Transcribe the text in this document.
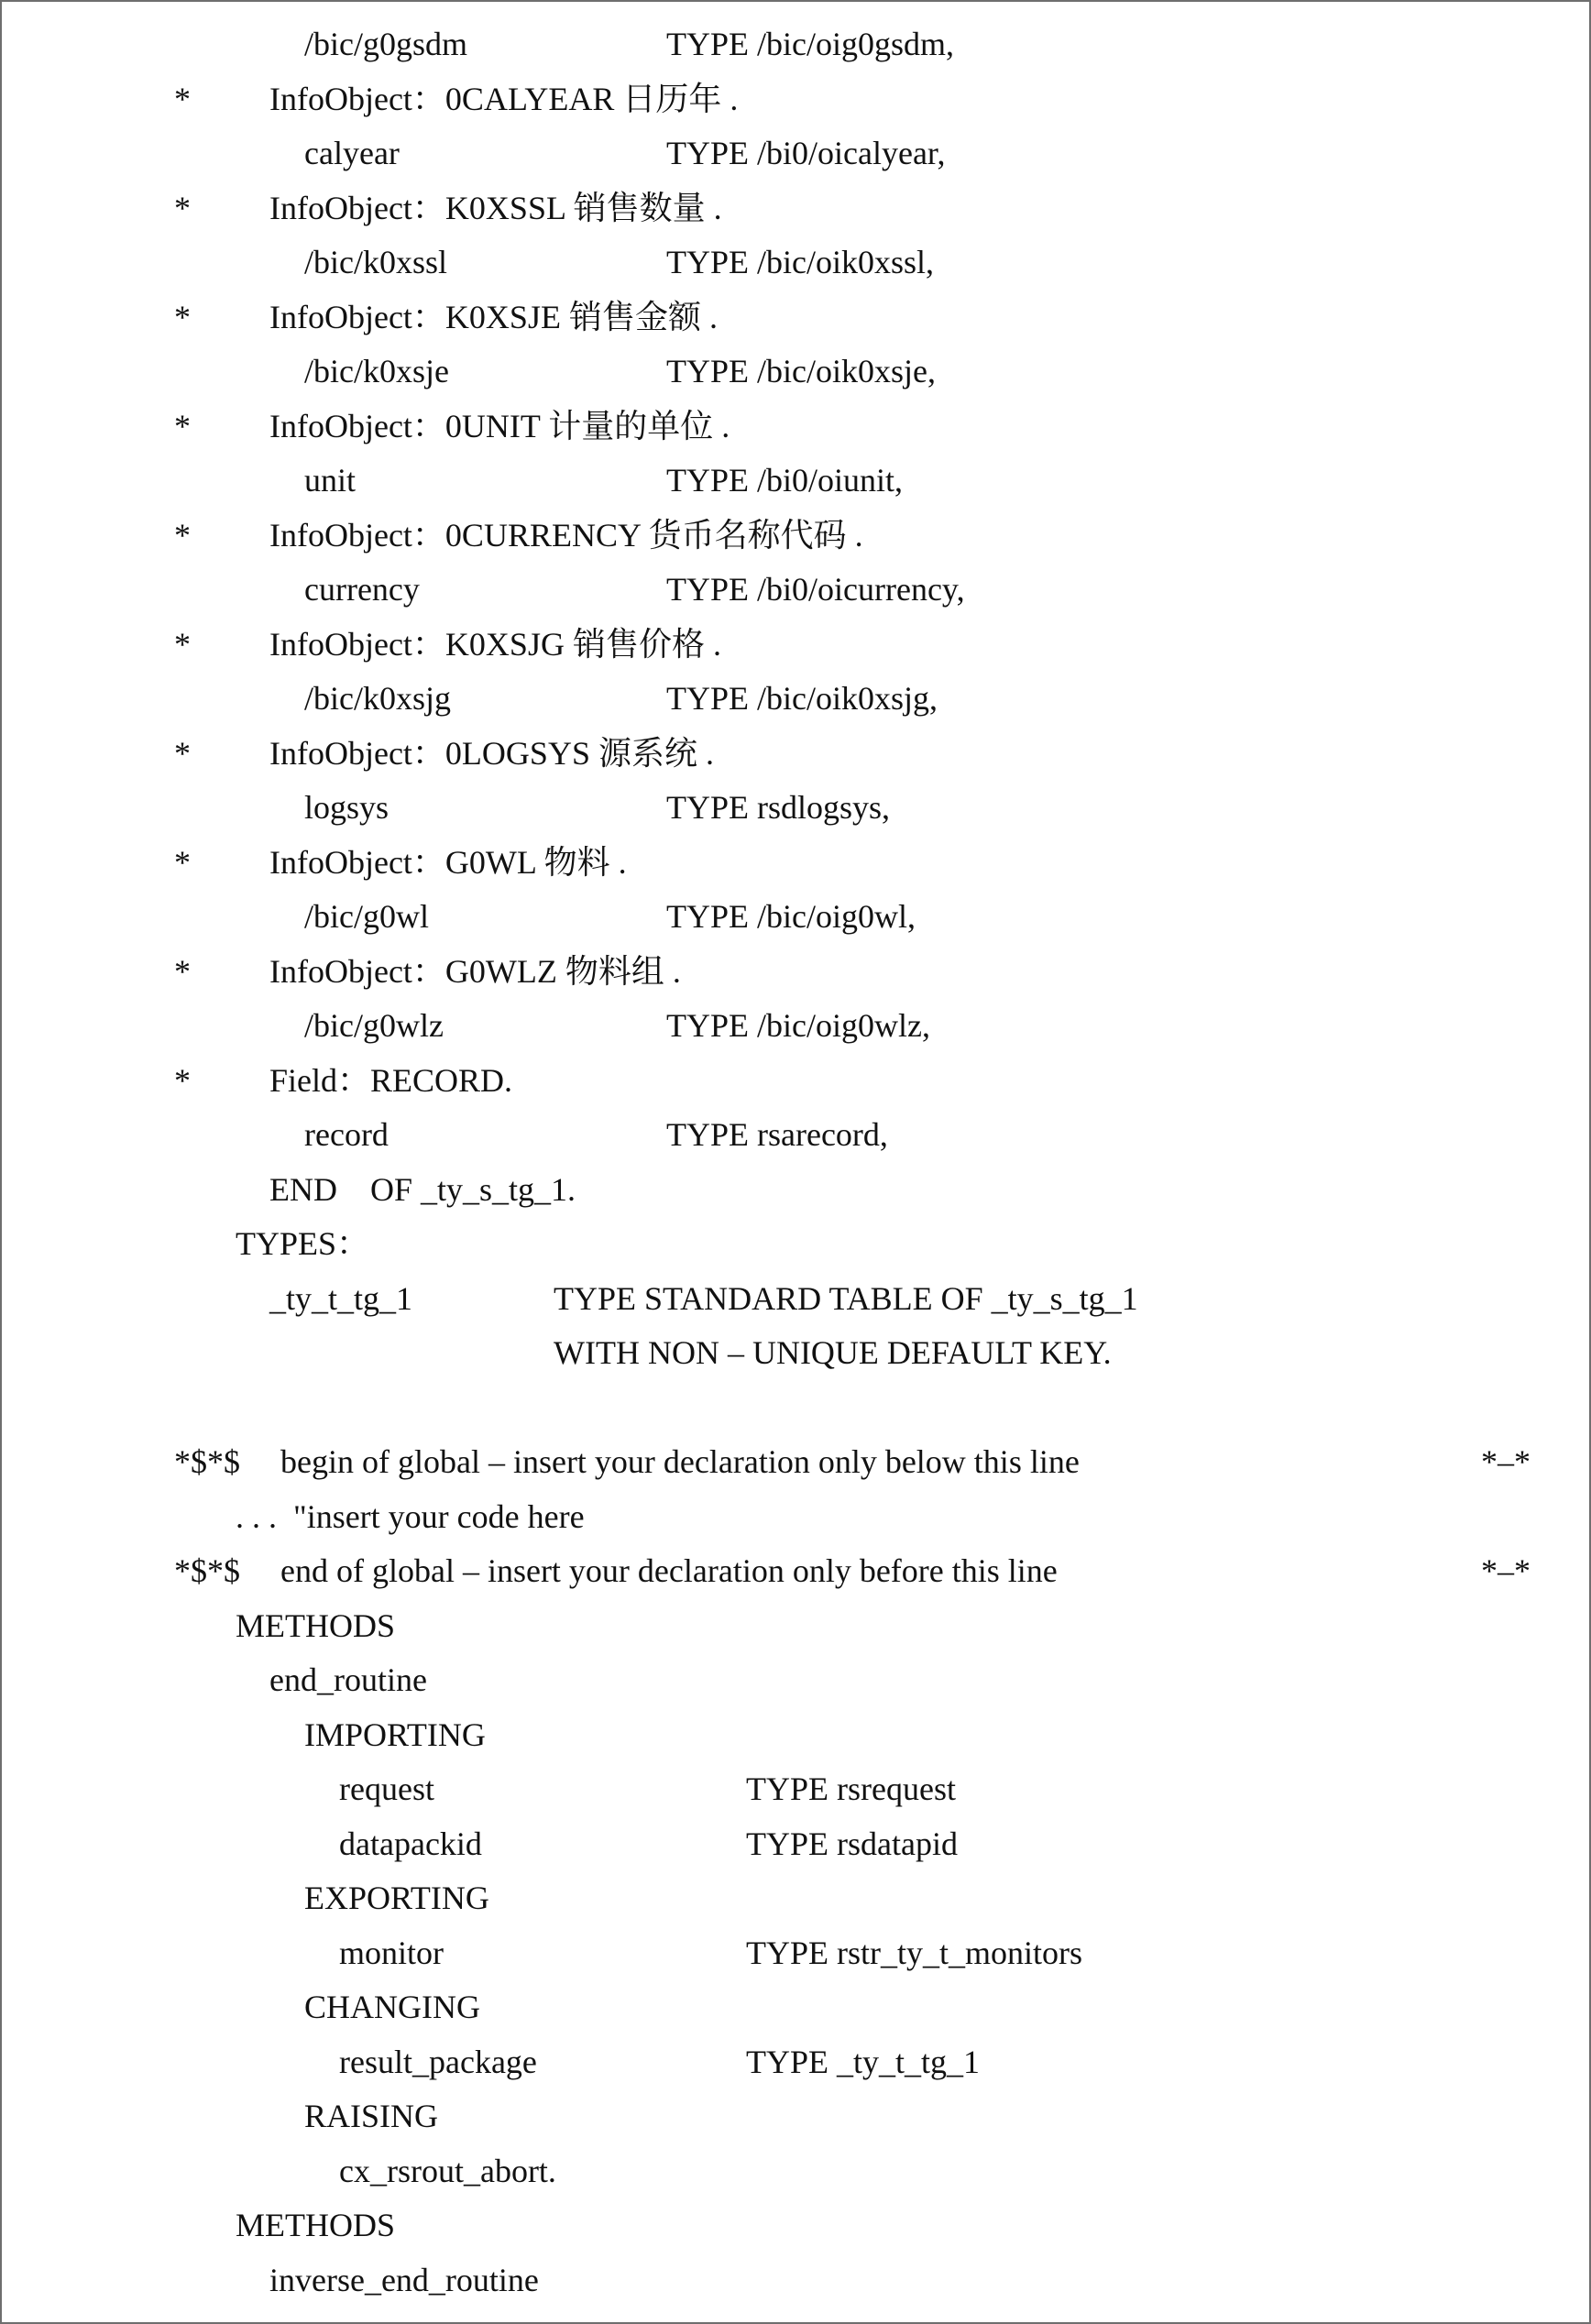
/bic/g0gsdm	TYPE /bic/oig0gsdm,
* InfoObject：0CALYEAR 日历年 .
calyear	TYPE /bi0/oicalyear,
* InfoObject：K0XSSL 销售数量 .
/bic/k0xssl	TYPE /bic/oik0xssl,
* InfoObject：K0XSJE 销售金额 .
/bic/k0xsje	TYPE /bic/oik0xsje,
* InfoObject：0UNIT 计量的单位 .
unit	TYPE /bi0/oiunit,
* InfoObject：0CURRENCY 货币名称代码 .
currency	TYPE /bi0/oicurrency,
* InfoObject：K0XSJG 销售价格 .
/bic/k0xsjg	TYPE /bic/oik0xsjg,
* InfoObject：0LOGSYS 源系统 .
logsys	TYPE rsdlogsys,
* InfoObject：G0WL 物料 .
/bic/g0wl	TYPE /bic/oig0wl,
* InfoObject：G0WLZ 物料组 .
/bic/g0wlz	TYPE /bic/oig0wlz,
* Field：RECORD.
record	TYPE rsarecord,
END    OF _ty_s_tg_1.
TYPES：
_ty_t_tg_1	TYPE STANDARD TABLE OF _ty_s_tg_1
WITH NON – UNIQUE DEFAULT KEY.
*$*$ begin of global – insert your declaration only below this line	*–*
. . .  "insert your code here
*$*$ end of global – insert your declaration only before this line	*–*
METHODS
end_routine
IMPORTING
request	TYPE rsrequest
datapackid	TYPE rsdatapid
EXPORTING
monitor	TYPE rstr_ty_t_monitors
CHANGING
result_package	TYPE _ty_t_tg_1
RAISING
cx_rsrout_abort.
METHODS
inverse_end_routine
